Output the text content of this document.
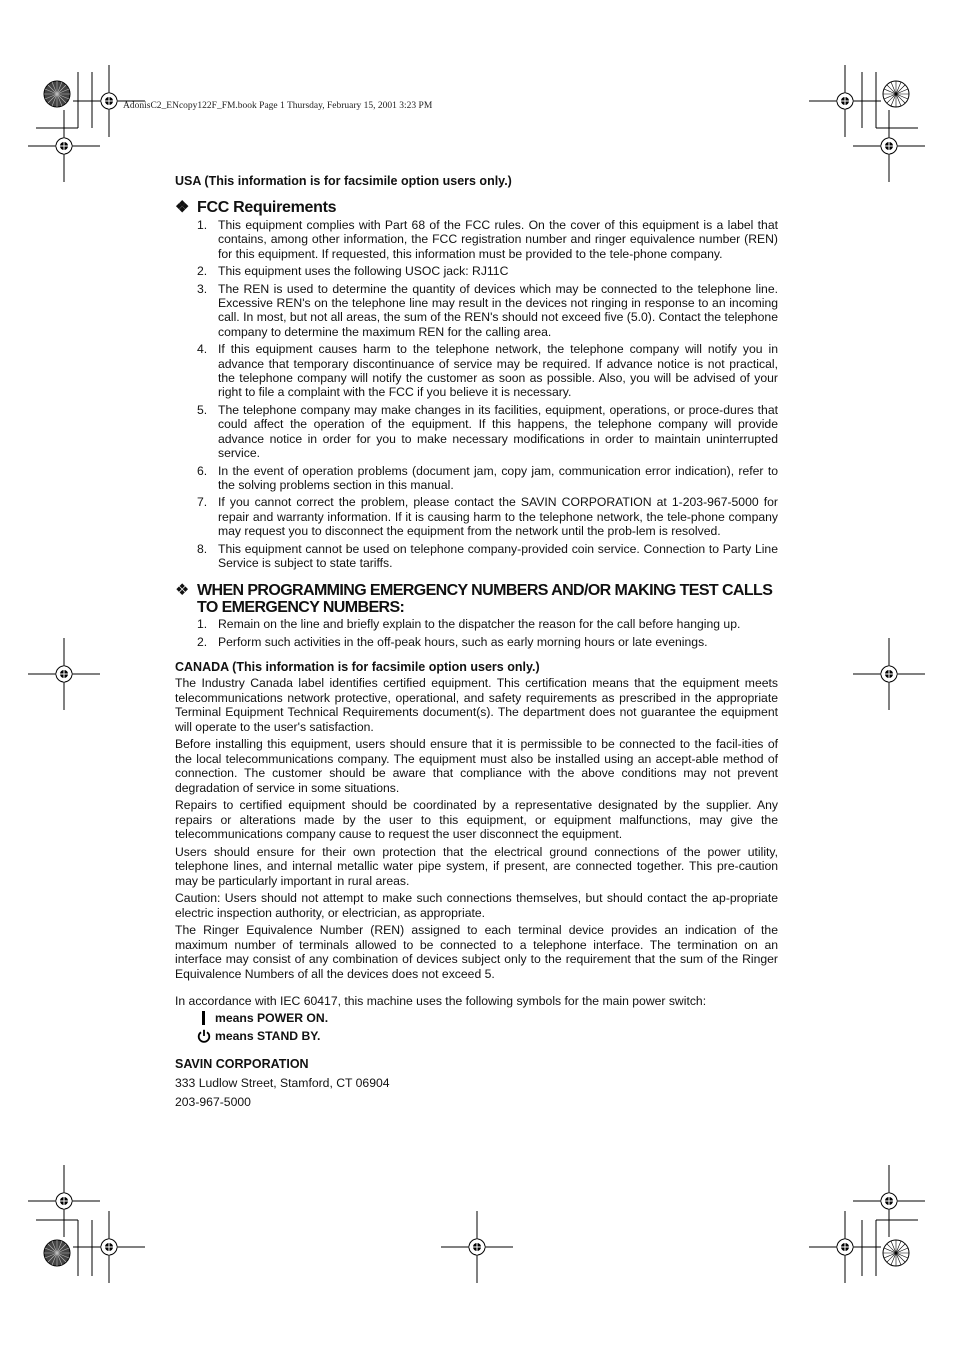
AdonisC2_ENcopy122F_FM.book Page 1 Thursday, February 15, 2001 3:23 PM
USA (This information is for facsimile option users only.)
❖ FCC Requirements
1. This equipment complies with Part 68 of the FCC rules. On the cover of this equipment is a label that contains, among other information, the FCC registration number and ringer equivalence number (REN) for this equipment. If requested, this information must be provided to the tele-phone company.
2. This equipment uses the following USOC jack: RJ11C
3. The REN is used to determine the quantity of devices which may be connected to the telephone line. Excessive REN's on the telephone line may result in the devices not ringing in response to an incoming call. In most, but not all areas, the sum of the REN's should not exceed five (5.0). Contact the telephone company to determine the maximum REN for the calling area.
4. If this equipment causes harm to the telephone network, the telephone company will notify you in advance that temporary discontinuance of service may be required. If advance notice is not practical, the telephone company will notify the customer as soon as possible. Also, you will be advised of your right to file a complaint with the FCC if you believe it is necessary.
5. The telephone company may make changes in its facilities, equipment, operations, or proce-dures that could affect the operation of the equipment. If this happens, the telephone company will provide advance notice in order for you to make necessary modifications in order to maintain uninterrupted service.
6. In the event of operation problems (document jam, copy jam, communication error indication), refer to the solving problems section in this manual.
7. If you cannot correct the problem, please contact the SAVIN CORPORATION at 1-203-967-5000 for repair and warranty information. If it is causing harm to the telephone network, the tele-phone company may request you to disconnect the equipment from the network until the prob-lem is resolved.
8. This equipment cannot be used on telephone company-provided coin service. Connection to Party Line Service is subject to state tariffs.
❖ WHEN PROGRAMMING EMERGENCY NUMBERS AND/OR MAKING TEST CALLS TO EMERGENCY NUMBERS:
1. Remain on the line and briefly explain to the dispatcher the reason for the call before hanging up.
2. Perform such activities in the off-peak hours, such as early morning hours or late evenings.
CANADA (This information is for facsimile option users only.)

The Industry Canada label identifies certified equipment. This certification means that the equipment meets telecommunications network protective, operational, and safety requirements as prescribed in the appropriate Terminal Equipment Technical Requirements document(s). The department does not guarantee the equipment will operate to the user's satisfaction.

Before installing this equipment, users should ensure that it is permissible to be connected to the facil-ities of the local telecommunications company. The equipment must also be installed using an accept-able method of connection. The customer should be aware that compliance with the above conditions may not prevent degradation of service in some situations.

Repairs to certified equipment should be coordinated by a representative designated by the supplier. Any repairs or alterations made by the user to this equipment, or equipment malfunctions, may give the telecommunications company cause to request the user disconnect the equipment.

Users should ensure for their own protection that the electrical ground connections of the power utility, telephone lines, and internal metallic water pipe system, if present, are connected together. This pre-caution may be particularly important in rural areas.

Caution: Users should not attempt to make such connections themselves, but should contact the ap-propriate electric inspection authority, or electrician, as appropriate.

The Ringer Equivalence Number (REN) assigned to each terminal device provides an indication of the maximum number of terminals allowed to be connected to a telephone interface. The termination on an interface may consist of any combination of devices subject only to the requirement that the sum of the Ringer Equivalence Numbers of all the devices does not exceed 5.

In accordance with IEC 60417, this machine uses the following symbols for the main power switch:
means POWER ON.
means STAND BY.
SAVIN CORPORATION
333 Ludlow Street, Stamford, CT 06904
203-967-5000
